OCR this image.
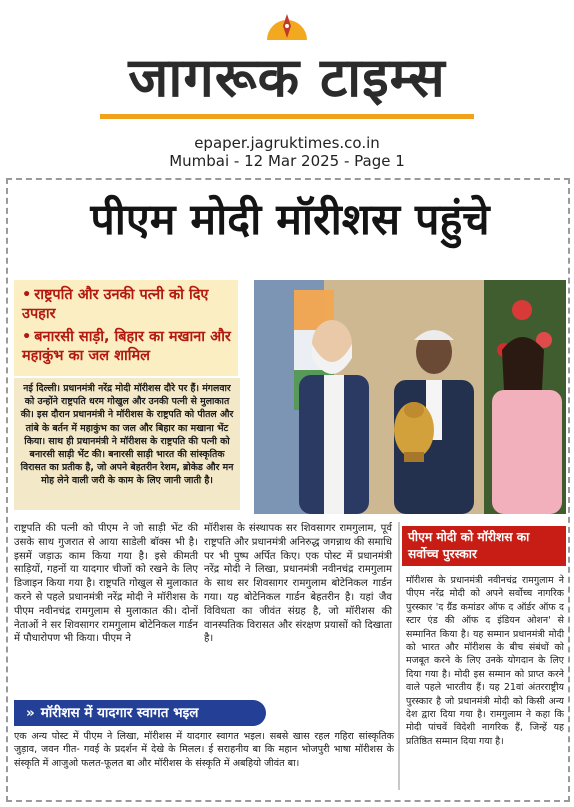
जागरूक टाइम्स
epaper.jagruktimes.co.in
Mumbai - 12 Mar 2025 - Page 1
पीएम मोदी मॉरीशस पहुंचे
• राष्ट्रपति और उनकी पत्नी को दिए उपहार
• बनारसी साड़ी, बिहार का मखाना और महाकुंभ का जल शामिल
नई दिल्ली। प्रधानमंत्री नरेंद्र मोदी मॉरीशस दौरे पर हैं। मंगलवार को उन्होंने राष्ट्रपति धरम गोखुल और उनकी पत्नी से मुलाकात की। इस दौरान प्रधानमंत्री ने मॉरीशस के राष्ट्रपति को पीतल और तांबे के बर्तन में महाकुंभ का जल और बिहार का मखाना भेंट किया। साथ ही प्रधानमंत्री ने मॉरीशस के राष्ट्रपति की पत्नी को बनारसी साड़ी भेंट की। बनारसी साड़ी भारत की सांस्कृतिक विरासत का प्रतीक है, जो अपने बेहतरीन रेशम, ब्रोकेड और मन मोह लेने वाली जरी के काम के लिए जानी जाती है।
राष्ट्रपति की पत्नी को पीएम ने जो साड़ी भेंट की उसके साथ गुजरात से आया साडेली बॉक्स भी है। इसमें जड़ाऊ काम किया गया है। इसे कीमती साड़ियों, गहनों या यादगार चीजों को रखने के लिए डिजाइन किया गया है। राष्ट्रपति गोखुल से मुलाकात करने से पहले प्रधानमंत्री नरेंद्र मोदी ने मॉरीशस के पीएम नवीनचंद्र रामगुलाम से मुलाकात की। दोनों नेताओं ने सर शिवसागर रामगुलाम बोटेनिकल गार्डन में पौधारोपण भी किया। पीएम ने
मॉरीशस के संस्थापक सर शिवसागर रामगुलाम, पूर्व राष्ट्रपति और प्रधानमंत्री अनिरुद्ध जगन्नाथ की समाधि पर भी पुष्प अर्पित किए। एक पोस्ट में प्रधानमंत्री नरेंद्र मोदी ने लिखा, प्रधानमंत्री नवीनचंद्र रामगुलाम के साथ सर शिवसागर रामगुलाम बोटेनिकल गार्डन गया। यह बोटेनिकल गार्डन बेहतरीन है। यहां जैव विविधता का जीवंत संग्रह है, जो मॉरीशस की वानस्पतिक विरासत और संरक्षण प्रयासों को दिखाता है।
» मॉरीशस में यादगार स्वागत भइल
एक अन्य पोस्ट में पीएम ने लिखा, मॉरीशस में यादगार स्वागत भइल। सबसे खास रहल गहिरा सांस्कृतिक जुड़ाव, जवन गीत- गवई के प्रदर्शन में देखे के मिलल। ई सराहनीय बा कि महान भोजपुरी भाषा मॉरीशस के संस्कृति में आजुओ फलत-फूलत बा और मॉरीशस के संस्कृति में अबहियो जीवंत बा।
पीएम मोदी को मॉरीशस का सर्वोच्च पुरस्कार
मॉरीशस के प्रधानमंत्री नवीनचंद्र रामगुलाम ने पीएम नरेंद्र मोदी को अपने सर्वोच्च नागरिक पुरस्कार 'द ग्रैंड कमांडर ऑफ द ऑर्डर ऑफ द स्टार एंड की ऑफ द इंडियन ओशन' से सम्मानित किया है। यह सम्मान प्रधानमंत्री मोदी को भारत और मॉरीशस के बीच संबंधों को मजबूत करने के लिए उनके योगदान के लिए दिया गया है। मोदी इस सम्मान को प्राप्त करने वाले पहले भारतीय हैं। यह 21वां अंतरराष्ट्रीय पुरस्कार है जो प्रधानमंत्री मोदी को किसी अन्य देश द्वारा दिया गया है। रामगुलाम ने कहा कि मोदी पांचवें विदेशी नागरिक हैं, जिन्हें यह प्रतिष्ठित सम्मान दिया गया है।
